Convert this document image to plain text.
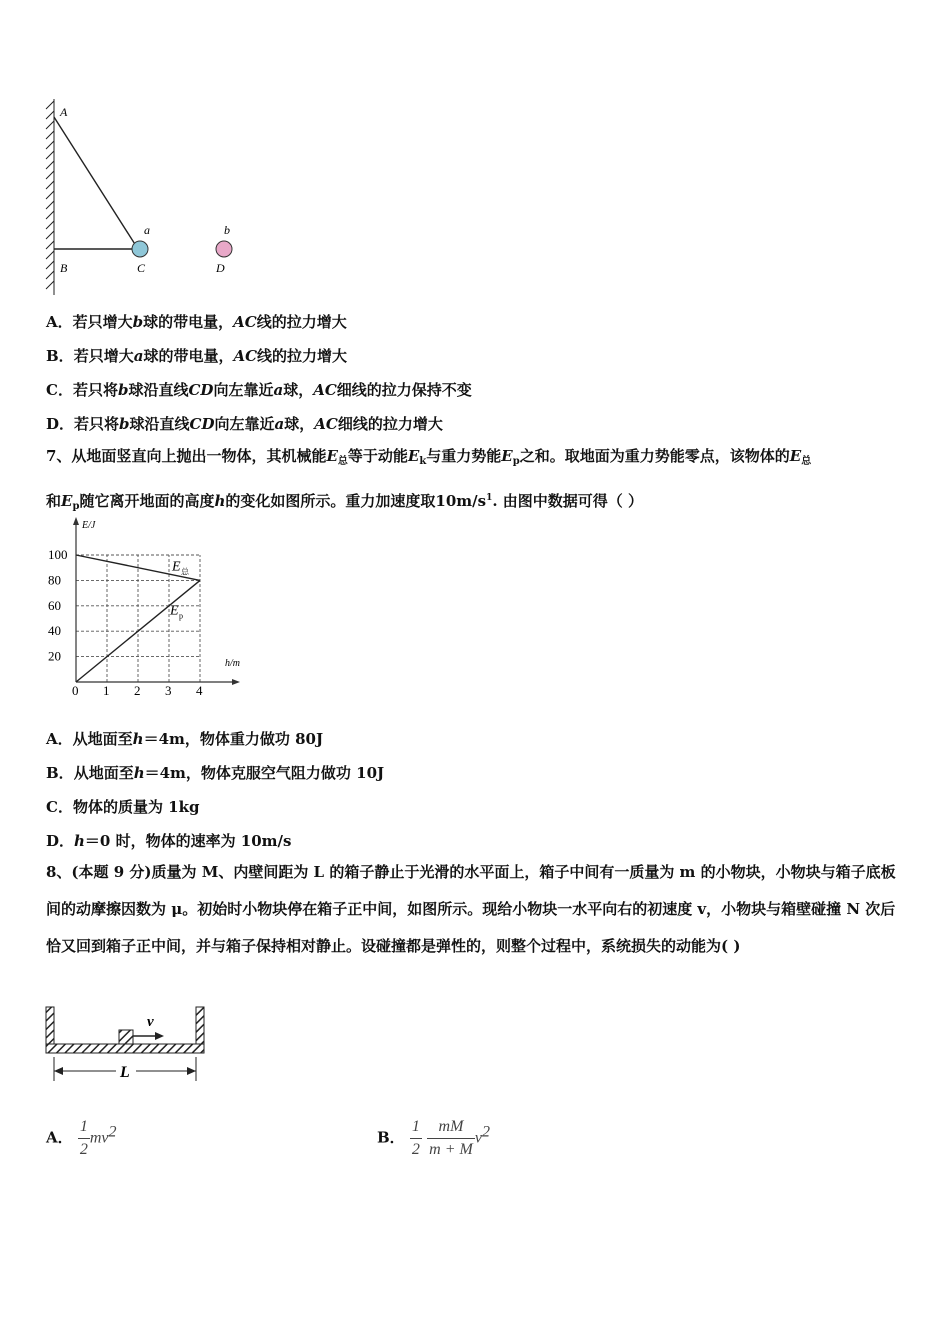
A
B	C	D
a	b
A．若只增大b球的带电量，AC线的拉力增大
B．若只增大a球的带电量，AC线的拉力增大
C．若只将b球沿直线CD向左靠近a球，AC细线的拉力保持不变
D．若只将b球沿直线CD向左靠近a球，AC细线的拉力增大
7、从地面竖直向上抛出一物体，其机械能$E_总$等于动能$E_k$与重力势能$E_p$之和。取地面为重力势能零点，该物体的$E_总$
和$E_p$随它离开地面的高度h的变化如图所示。重力加速度取$10m/s^1$. 由图中数据可得（ ）
E/J
h/m
0 1 2 3 4
20
40
60
80
100
E 总
E p
A．从地面至h＝4m，物体重力做功 80J
B．从地面至h＝4m，物体克服空气阻力做功 10J
C．物体的质量为 1kg
D．h＝0 时，物体的速率为 10m/s
8、(本题 9 分)质量为 M、内壁间距为 L 的箱子静止于光滑的水平面上，箱子中间有一质量为 m 的小物块，小物块与箱子底板间的动摩擦因数为 μ。初始时小物块停在箱子正中间，如图所示。现给小物块一水平向右的初速度 v，小物块与箱壁碰撞 N 次后恰又回到箱子正中间，并与箱子保持相对静止。设碰撞都是弹性的，则整个过程中，系统损失的动能为( )
v
L
A． $\frac{1}{2} mv2$	B． $\frac{1}{2}$
$\frac{mM}{m + M} v2$
